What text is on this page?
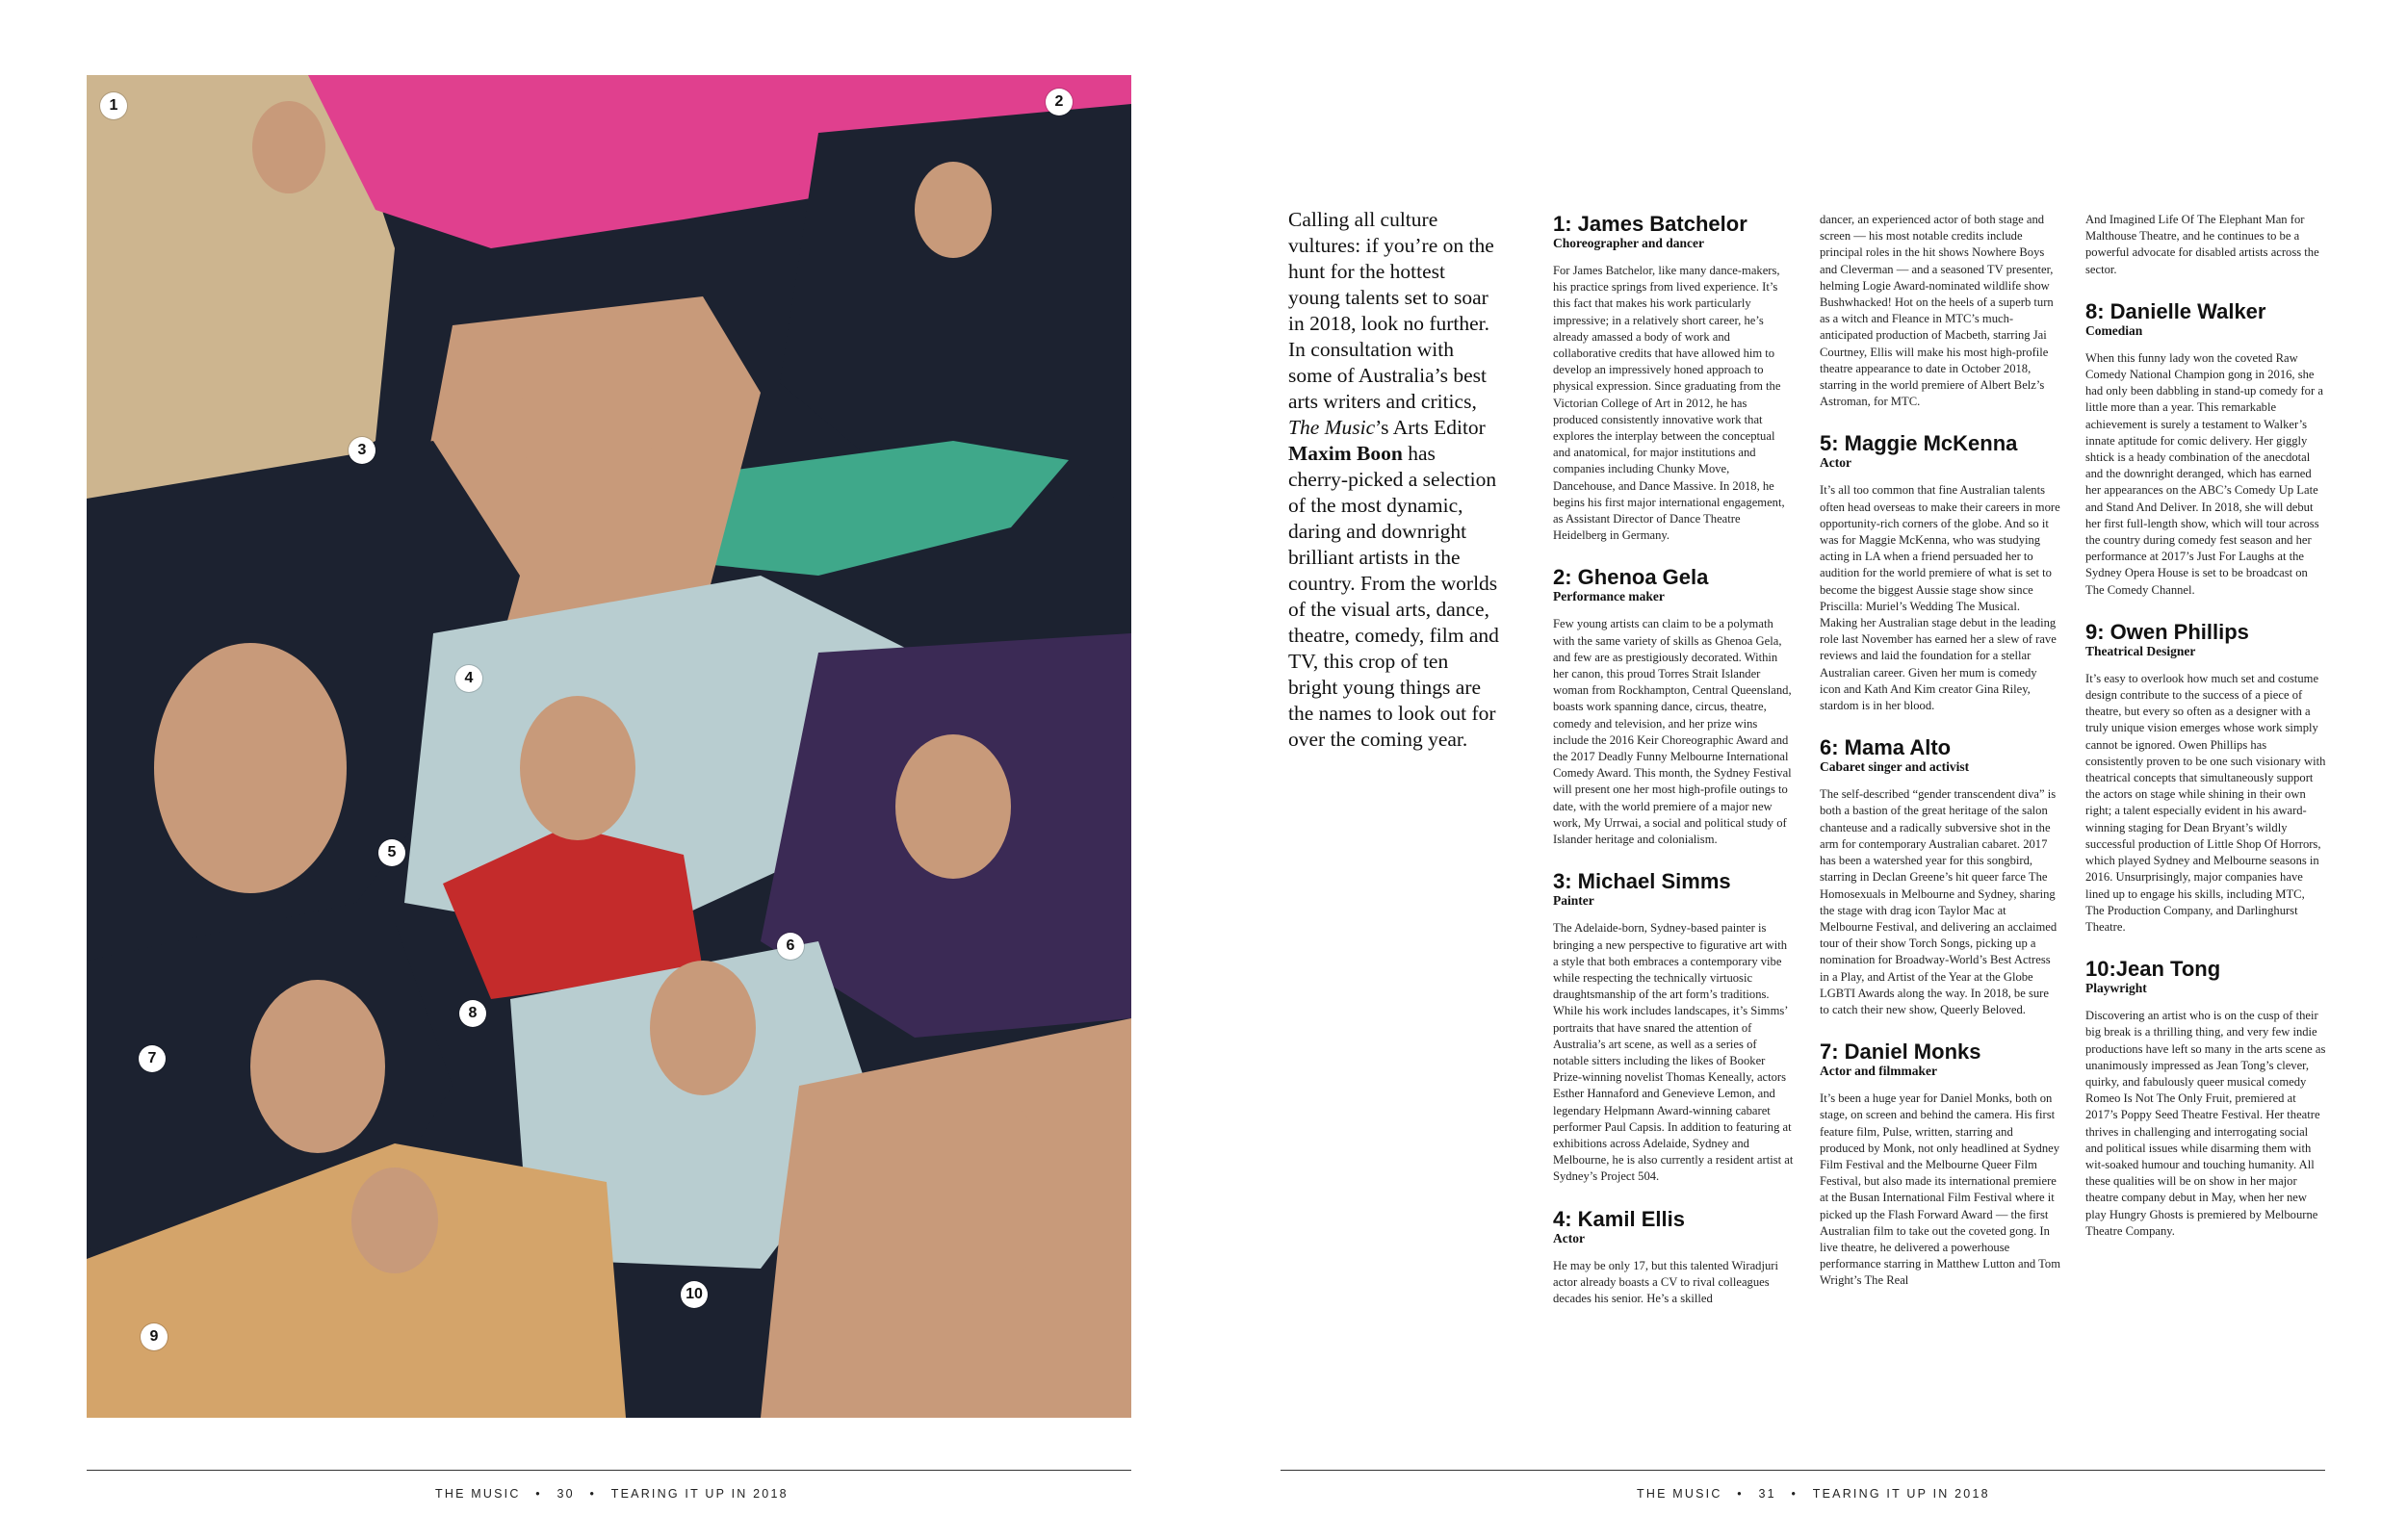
1	2
3
4
5
6
7
8
9
10

Calling all culture vultures: if you’re on the hunt for the hottest young talents set to soar in 2018, look no further. In consultation with some of Australia’s best arts writers and critics, The Music’s Arts Editor Maxim Boon has cherry-picked a selection of the most dynamic, daring and downright brilliant artists in the country. From the worlds of the visual arts, dance, theatre, comedy, film and TV, this crop of ten bright young things are the names to look out for over the coming year.

1: James Batchelor

Choreographer and dancer

For James Batchelor, like many dance-makers, his practice springs from lived experience. It’s this fact that makes his work particularly impressive; in a relatively short career, he’s already amassed a body of work and collaborative credits that have allowed him to develop an impressively honed approach to physical expression. Since graduating from the Victorian College of Art in 2012, he has produced consistently innovative work that explores the interplay between the conceptual and anatomical, for major institutions and companies including Chunky Move, Dancehouse, and Dance Massive. In 2018, he begins his first major international engagement, as Assistant Director of Dance Theatre Heidelberg in Germany.

2: Ghenoa Gela

Performance maker

Few young artists can claim to be a polymath with the same variety of skills as Ghenoa Gela, and few are as prestigiously decorated. Within her canon, this proud Torres Strait Islander woman from Rockhampton, Central Queensland, boasts work spanning dance, circus, theatre, comedy and television, and her prize wins include the 2016 Keir Choreographic Award and the 2017 Deadly Funny Melbourne International Comedy Award. This month, the Sydney Festival will present one her most high-profile outings to date, with the world premiere of a major new work, My Urrwai, a social and political study of Islander heritage and colonialism.

3: Michael Simms

Painter

The Adelaide-born, Sydney-based painter is bringing a new perspective to figurative art with a style that both embraces a contemporary vibe while respecting the technically virtuosic draughtsmanship of the art form’s traditions. While his work includes landscapes, it’s Simms’ portraits that have snared the attention of Australia’s art scene, as well as a series of notable sitters including the likes of Booker Prize-winning novelist Thomas Keneally, actors Esther Hannaford and Genevieve Lemon, and legendary Helpmann Award-winning cabaret performer Paul Capsis. In addition to featuring at exhibitions across Adelaide, Sydney and Melbourne, he is also currently a resident artist at Sydney’s Project 504.

4: Kamil Ellis

Actor

He may be only 17, but this talented Wiradjuri actor already boasts a CV to rival colleagues decades his senior. He’s a skilled

dancer, an experienced actor of both stage and screen — his most notable credits include principal roles in the hit shows Nowhere Boys and Cleverman — and a seasoned TV presenter, helming Logie Award-nominated wildlife show Bushwhacked! Hot on the heels of a superb turn as a witch and Fleance in MTC’s much-anticipated production of Macbeth, starring Jai Courtney, Ellis will make his most high-profile theatre appearance to date in October 2018, starring in the world premiere of Albert Belz’s Astroman, for MTC.

5: Maggie McKenna

Actor

It’s all too common that fine Australian talents often head overseas to make their careers in more opportunity-rich corners of the globe. And so it was for Maggie McKenna, who was studying acting in LA when a friend persuaded her to audition for the world premiere of what is set to become the biggest Aussie stage show since Priscilla: Muriel’s Wedding The Musical. Making her Australian stage debut in the leading role last November has earned her a slew of rave reviews and laid the foundation for a stellar Australian career. Given her mum is comedy icon and Kath And Kim creator Gina Riley, stardom is in her blood.

6: Mama Alto

Cabaret singer and activist

The self-described “gender transcendent diva” is both a bastion of the great heritage of the salon chanteuse and a radically subversive shot in the arm for contemporary Australian cabaret. 2017 has been a watershed year for this songbird, starring in Declan Greene’s hit queer farce The Homosexuals in Melbourne and Sydney, sharing the stage with drag icon Taylor Mac at Melbourne Festival, and delivering an acclaimed tour of their show Torch Songs, picking up a nomination for Broadway-World’s Best Actress in a Play, and Artist of the Year at the Globe LGBTI Awards along the way. In 2018, be sure to catch their new show, Queerly Beloved.

7: Daniel Monks

Actor and filmmaker

It’s been a huge year for Daniel Monks, both on stage, on screen and behind the camera. His first feature film, Pulse, written, starring and produced by Monk, not only headlined at Sydney Film Festival and the Melbourne Queer Film Festival, but also made its international premiere at the Busan International Film Festival where it picked up the Flash Forward Award — the first Australian film to take out the coveted gong. In live theatre, he delivered a powerhouse performance starring in Matthew Lutton and Tom Wright’s The Real

And Imagined Life Of The Elephant Man for Malthouse Theatre, and he continues to be a powerful advocate for disabled artists across the sector.

8: Danielle Walker

Comedian

When this funny lady won the coveted Raw Comedy National Champion gong in 2016, she had only been dabbling in stand-up comedy for a little more than a year. This remarkable achievement is surely a testament to Walker’s innate aptitude for comic delivery. Her giggly shtick is a heady combination of the anecdotal and the downright deranged, which has earned her appearances on the ABC’s Comedy Up Late and Stand And Deliver. In 2018, she will debut her first full-length show, which will tour across the country during comedy fest season and her performance at 2017’s Just For Laughs at the Sydney Opera House is set to be broadcast on The Comedy Channel.

9: Owen Phillips

Theatrical Designer

It’s easy to overlook how much set and costume design contribute to the success of a piece of theatre, but every so often as a designer with a truly unique vision emerges whose work simply cannot be ignored. Owen Phillips has consistently proven to be one such visionary with theatrical concepts that simultaneously support the actors on stage while shining in their own right; a talent especially evident in his award-winning staging for Dean Bryant’s wildly successful production of Little Shop Of Horrors, which played Sydney and Melbourne seasons in 2016. Unsurprisingly, major companies have lined up to engage his skills, including MTC, The Production Company, and Darlinghurst Theatre.

10:Jean Tong

Playwright

Discovering an artist who is on the cusp of their big break is a thrilling thing, and very few indie productions have left so many in the arts scene as unanimously impressed as Jean Tong’s clever, quirky, and fabulously queer musical comedy Romeo Is Not The Only Fruit, premiered at 2017’s Poppy Seed Theatre Festival. Her theatre thrives in challenging and interrogating social and political issues while disarming them with wit-soaked humour and touching humanity. All these qualities will be on show in her major theatre company debut in May, when her new play Hungry Ghosts is premiered by Melbourne Theatre Company.

THE MUSIC • 30 • TEARING IT UP IN 2018	THE MUSIC • 31 • TEARING IT UP IN 2018
